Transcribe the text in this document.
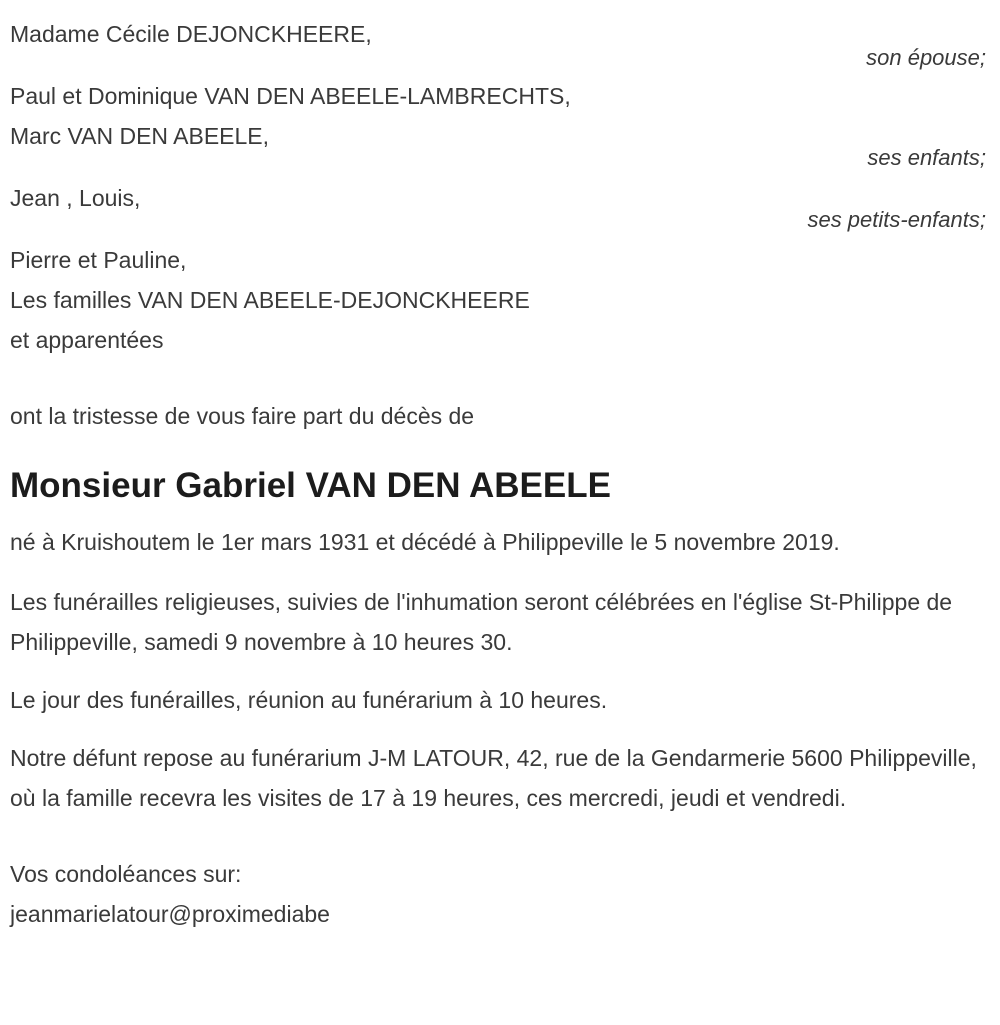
Madame Cécile DEJONCKHEERE,
son épouse;
Paul et Dominique VAN DEN ABEELE-LAMBRECHTS,
Marc VAN DEN ABEELE,
ses enfants;
Jean , Louis,
ses petits-enfants;
Pierre et Pauline,
Les familles VAN DEN ABEELE-DEJONCKHEERE
et apparentées

ont la tristesse de vous faire part du décès de

Monsieur Gabriel VAN DEN ABEELE

né à Kruishoutem le 1er mars 1931 et décédé à Philippeville le 5 novembre 2019.

Les funérailles religieuses, suivies de l'inhumation seront célébrées en l'église St-Philippe de Philippeville, samedi 9 novembre à 10 heures 30.

Le jour des funérailles, réunion au funérarium à 10 heures.

Notre défunt repose au funérarium J-M LATOUR, 42, rue de la Gendarmerie 5600 Philippeville, où la famille recevra les visites de 17 à 19 heures, ces mercredi, jeudi et vendredi.

Vos condoléances sur:

jeanmarielatour@proximediabe
